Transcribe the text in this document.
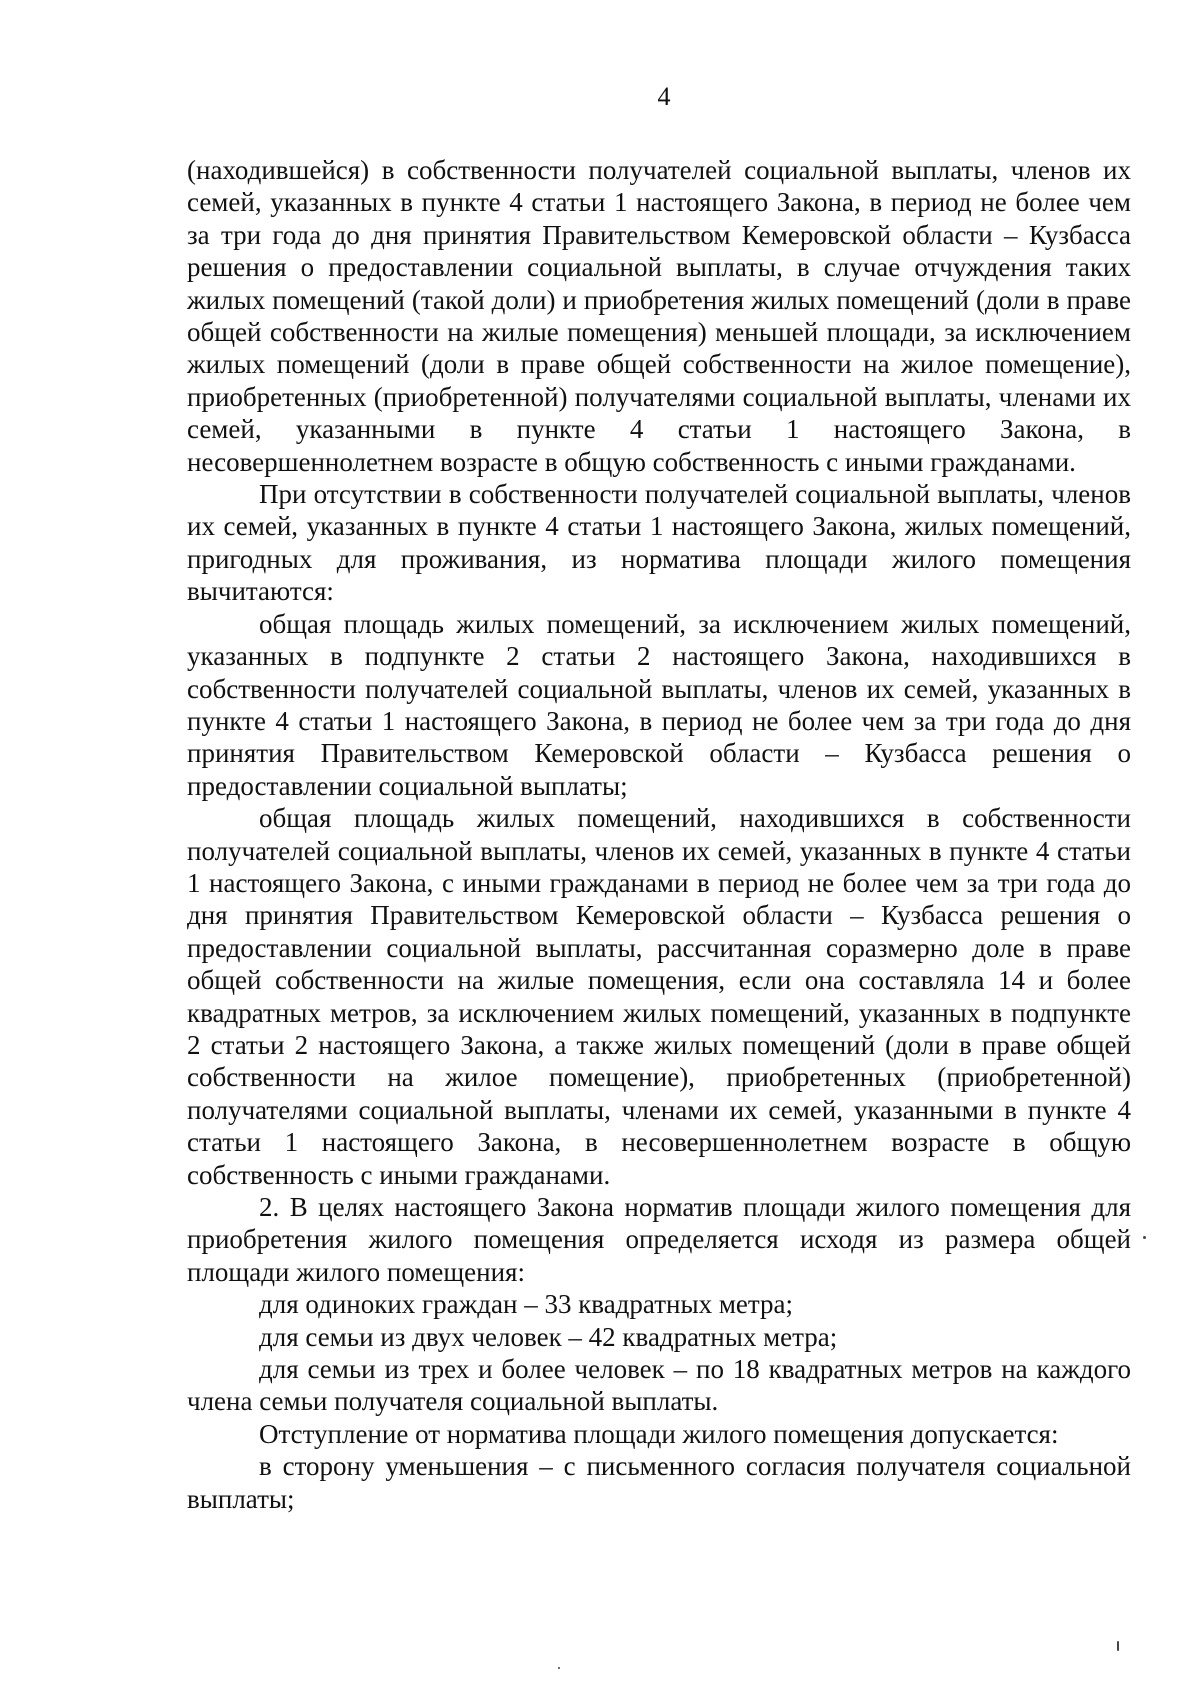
4

(находившейся) в собственности получателей социальной выплаты, членов их семей, указанных в пункте 4 статьи 1 настоящего Закона, в период не более чем за три года до дня принятия Правительством Кемеровской области – Кузбасса решения о предоставлении социальной выплаты, в случае отчуждения таких жилых помещений (такой доли) и приобретения жилых помещений (доли в праве общей собственности на жилые помещения) меньшей площади, за исключением жилых помещений (доли в праве общей собственности на жилое помещение), приобретенных (приобретенной) получателями социальной выплаты, членами их семей, указанными в пункте 4 статьи 1 настоящего Закона, в несовершеннолетнем возрасте в общую собственность с иными гражданами.

При отсутствии в собственности получателей социальной выплаты, членов их семей, указанных в пункте 4 статьи 1 настоящего Закона, жилых помещений, пригодных для проживания, из норматива площади жилого помещения вычитаются:

общая площадь жилых помещений, за исключением жилых помещений, указанных в подпункте 2 статьи 2 настоящего Закона, находившихся в собственности получателей социальной выплаты, членов их семей, указанных в пункте 4 статьи 1 настоящего Закона, в период не более чем за три года до дня принятия Правительством Кемеровской области – Кузбасса решения о предоставлении социальной выплаты;

общая площадь жилых помещений, находившихся в собственности получателей социальной выплаты, членов их семей, указанных в пункте 4 статьи 1 настоящего Закона, с иными гражданами в период не более чем за три года до дня принятия Правительством Кемеровской области – Кузбасса решения о предоставлении социальной выплаты, рассчитанная соразмерно доле в праве общей собственности на жилые помещения, если она составляла 14 и более квадратных метров, за исключением жилых помещений, указанных в подпункте 2 статьи 2 настоящего Закона, а также жилых помещений (доли в праве общей собственности на жилое помещение), приобретенных (приобретенной) получателями социальной выплаты, членами их семей, указанными в пункте 4 статьи 1 настоящего Закона, в несовершеннолетнем возрасте в общую собственность с иными гражданами.

2. В целях настоящего Закона норматив площади жилого помещения для приобретения жилого помещения определяется исходя из размера общей площади жилого помещения:

для одиноких граждан – 33 квадратных метра;

для семьи из двух человек – 42 квадратных метра;

для семьи из трех и более человек – по 18 квадратных метров на каждого члена семьи получателя социальной выплаты.

Отступление от норматива площади жилого помещения допускается:

в сторону уменьшения – с письменного согласия получателя социальной выплаты;
